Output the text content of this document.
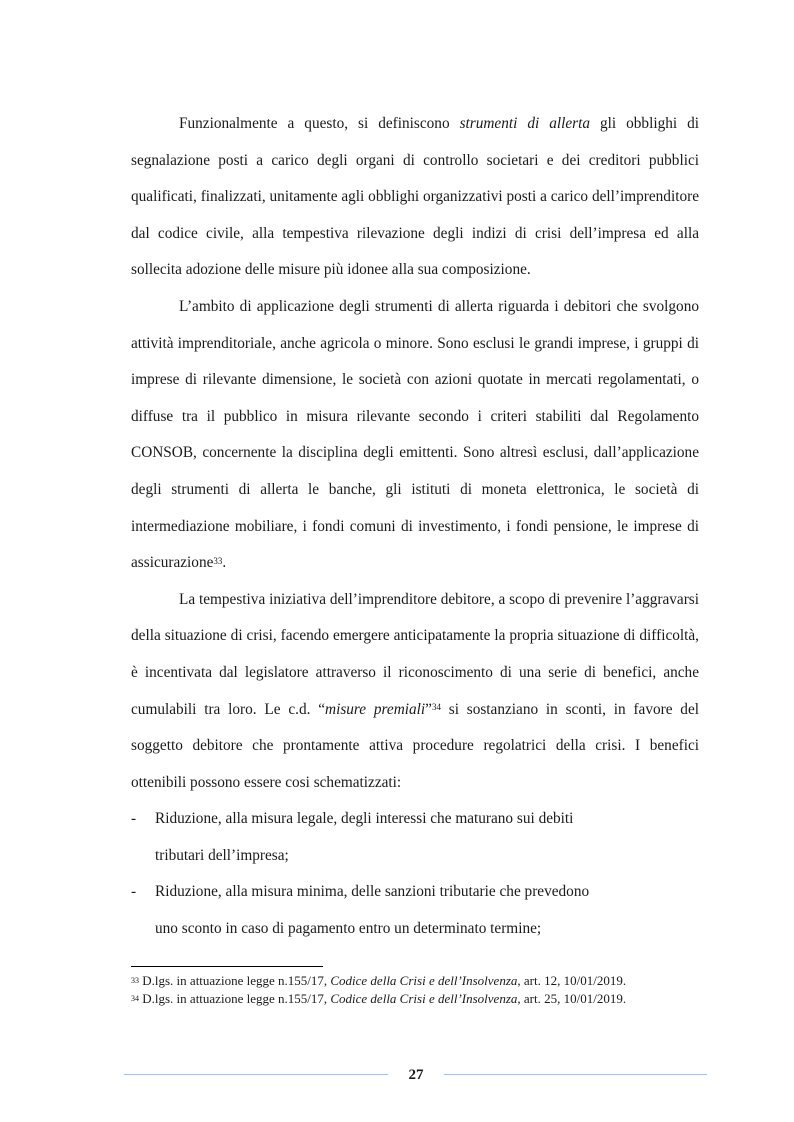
Funzionalmente a questo, si definiscono strumenti di allerta gli obblighi di segnalazione posti a carico degli organi di controllo societari e dei creditori pubblici qualificati, finalizzati, unitamente agli obblighi organizzativi posti a carico dell’imprenditore dal codice civile, alla tempestiva rilevazione degli indizi di crisi dell’impresa ed alla sollecita adozione delle misure più idonee alla sua composizione.

L’ambito di applicazione degli strumenti di allerta riguarda i debitori che svolgono attività imprenditoriale, anche agricola o minore. Sono esclusi le grandi imprese, i gruppi di imprese di rilevante dimensione, le società con azioni quotate in mercati regolamentati, o diffuse tra il pubblico in misura rilevante secondo i criteri stabiliti dal Regolamento CONSOB, concernente la disciplina degli emittenti. Sono altresì esclusi, dall’applicazione degli strumenti di allerta le banche, gli istituti di moneta elettronica, le società di intermediazione mobiliare, i fondi comuni di investimento, i fondi pensione, le imprese di assicurazione$^{33}$.

La tempestiva iniziativa dell’imprenditore debitore, a scopo di prevenire l’aggravarsi della situazione di crisi, facendo emergere anticipatamente la propria situazione di difficoltà, è incentivata dal legislatore attraverso il riconoscimento di una serie di benefici, anche cumulabili tra loro. Le c.d. “misure premiali”$^{34}$ si sostanziano in sconti, in favore del soggetto debitore che prontamente attiva procedure regolatrici della crisi. I benefici ottenibili possono essere cosi schematizzati:

- Riduzione, alla misura legale, degli interessi che maturano sui debiti
tributari dell’impresa;

- Riduzione, alla misura minima, delle sanzioni tributarie che prevedono
uno sconto in caso di pagamento entro un determinato termine;

$^{33}$ D.lgs. in attuazione legge n.155/17, Codice della Crisi e dell’Insolvenza, art. 12, 10/01/2019.

$^{34}$ D.lgs. in attuazione legge n.155/17, Codice della Crisi e dell’Insolvenza, art. 25, 10/01/2019.

27
